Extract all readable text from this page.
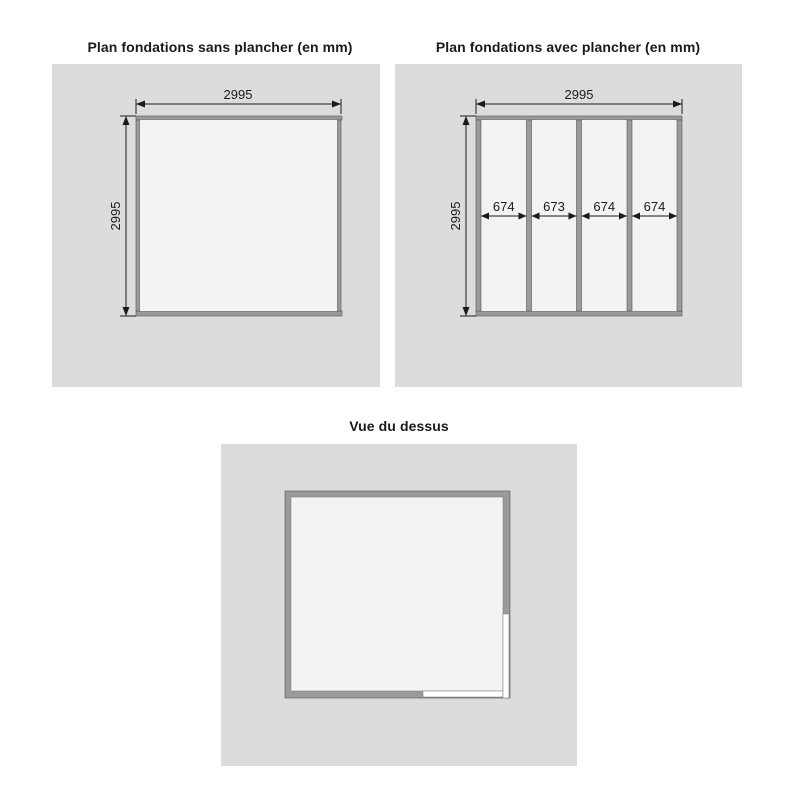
Plan fondations sans plancher (en mm)	Plan fondations avec plancher (en mm)
Vue du dessus
2995
2995	674 673 674 674
2995
2995
